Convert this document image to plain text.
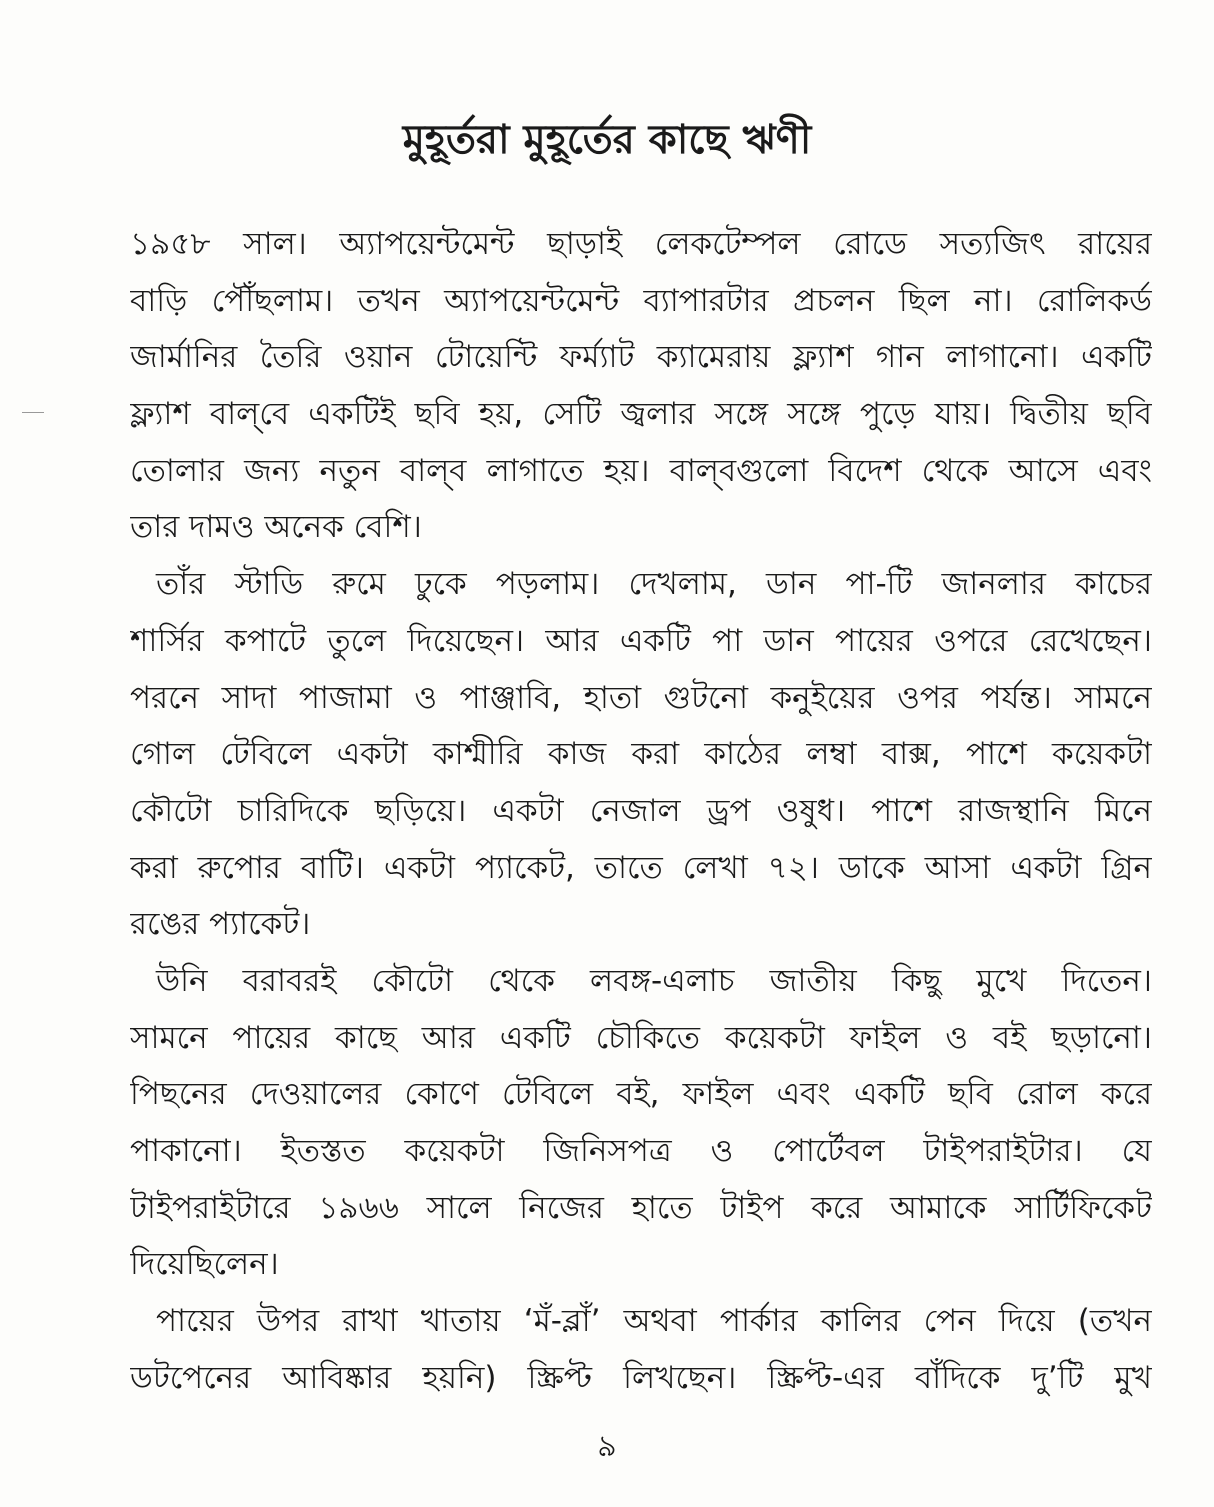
মুহূর্তরা মুহূর্তের কাছে ঋণী
১৯৫৮ সাল। অ্যাপয়েন্টমেন্ট ছাড়াই লেকটেম্পল রোডে সত্যজিৎ রায়ের
বাড়ি পৌঁছলাম। তখন অ্যাপয়েন্টমেন্ট ব্যাপারটার প্রচলন ছিল না। রোলিকর্ড
জার্মানির তৈরি ওয়ান টোয়েন্টি ফর্ম্যাট ক্যামেরায় ফ্ল্যাশ গান লাগানো। একটি
ফ্ল্যাশ বাল্‌বে একটিই ছবি হয়, সেটি জ্বলার সঙ্গে সঙ্গে পুড়ে যায়। দ্বিতীয় ছবি
তোলার জন্য নতুন বাল্‌ব লাগাতে হয়। বাল্‌বগুলো বিদেশ থেকে আসে এবং
তার দামও অনেক বেশি।
তাঁর স্টাডি রুমে ঢুকে পড়লাম। দেখলাম, ডান পা-টি জানলার কাচের
শার্সির কপাটে তুলে দিয়েছেন। আর একটি পা ডান পায়ের ওপরে রেখেছেন।
পরনে সাদা পাজামা ও পাঞ্জাবি, হাতা গুটনো কনুইয়ের ওপর পর্যন্ত। সামনে
গোল টেবিলে একটা কাশ্মীরি কাজ করা কাঠের লম্বা বাক্স, পাশে কয়েকটা
কৌটো চারিদিকে ছড়িয়ে। একটা নেজাল ড্রপ ওষুধ। পাশে রাজস্থানি মিনে
করা রুপোর বাটি। একটা প্যাকেট, তাতে লেখা ৭২। ডাকে আসা একটা গ্রিন
রঙের প্যাকেট।
উনি বরাবরই কৌটো থেকে লবঙ্গ-এলাচ জাতীয় কিছু মুখে দিতেন।
সামনে পায়ের কাছে আর একটি চৌকিতে কয়েকটা ফাইল ও বই ছড়ানো।
পিছনের দেওয়ালের কোণে টেবিলে বই, ফাইল এবং একটি ছবি রোল করে
পাকানো। ইতস্তত কয়েকটা জিনিসপত্র ও পোর্টেবল টাইপরাইটার। যে
টাইপরাইটারে ১৯৬৬ সালে নিজের হাতে টাইপ করে আমাকে সার্টিফিকেট
দিয়েছিলেন।
পায়ের উপর রাখা খাতায় ‘মঁ-ব্লাঁ’ অথবা পার্কার কালির পেন দিয়ে (তখন
ডটপেনের আবিষ্কার হয়নি) স্ক্রিপ্ট লিখছেন। স্ক্রিপ্ট-এর বাঁদিকে দু’টি মুখ
৯
